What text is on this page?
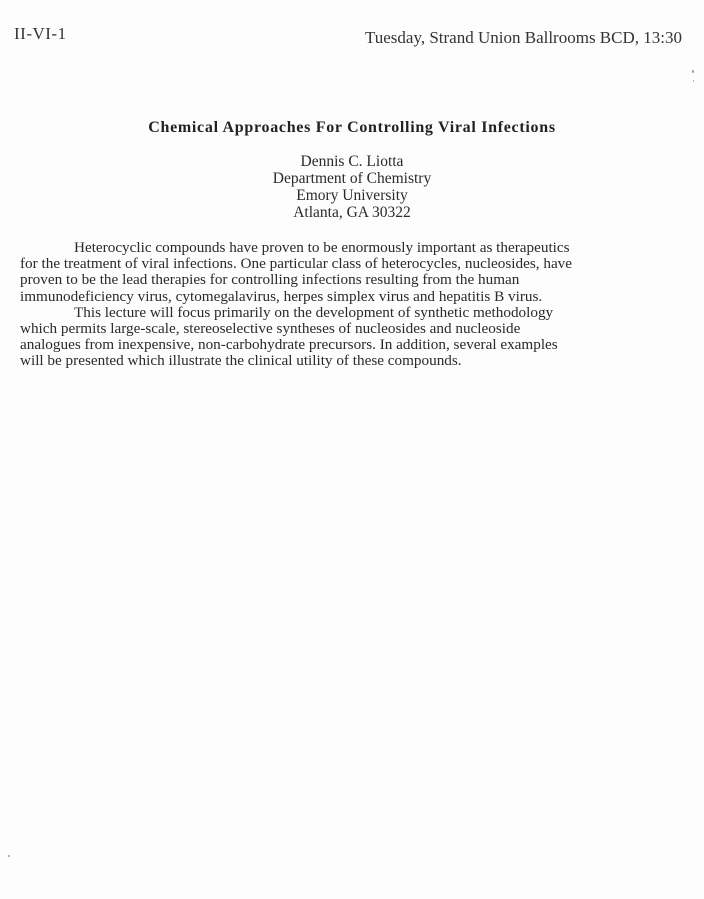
II-VI-1	Tuesday, Strand Union Ballrooms BCD, 13:30
Chemical Approaches For Controlling Viral Infections
Dennis C. Liotta
Department of Chemistry
Emory University
Atlanta, GA 30322
Heterocyclic compounds have proven to be enormously important as therapeutics
for the treatment of viral infections. One particular class of heterocycles, nucleosides, have
proven to be the lead therapies for controlling infections resulting from the human
immunodeficiency virus, cytomegalavirus, herpes simplex virus and hepatitis B virus.
This lecture will focus primarily on the development of synthetic methodology
which permits large-scale, stereoselective syntheses of nucleosides and nucleoside
analogues from inexpensive, non-carbohydrate precursors. In addition, several examples
will be presented which illustrate the clinical utility of these compounds.
